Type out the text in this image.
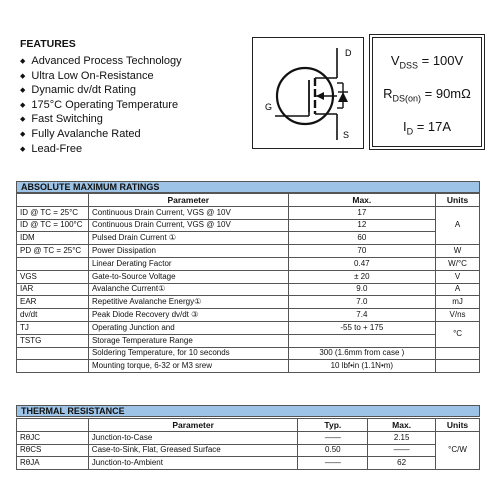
FEATURES
◆ Advanced Process Technology
◆ Ultra Low On-Resistance
◆ Dynamic dv/dt Rating
◆ 175°C Operating Temperature
◆ Fast Switching
◆ Fully Avalanche Rated
◆ Lead-Free
D
G
S
$V_{DSS} = 100V$
$R_{DS(on)} = 90m\Omega$
$I_D = 17A$
ABSOLUTE MAXIMUM RATINGS
	Parameter	Max.	Units
ID @ TC = 25°C	Continuous Drain Current, VGS @ 10V	17	A
ID @ TC = 100°C	Continuous Drain Current, VGS @ 10V	12	
IDM	Pulsed Drain Current ①	60	
PD @ TC = 25°C	Power Dissipation	70	W
	Linear Derating Factor	0.47	W/°C
VGS	Gate-to-Source Voltage	± 20	V
IAR	Avalanche Current①	9.0	A
EAR	Repetitive Avalanche Energy①	7.0	mJ
dv/dt	Peak Diode Recovery dv/dt ③	7.4	V/ns
TJ	Operating Junction and	-55 to + 175	°C
TSTG	Storage Temperature Range		
	Soldering Temperature, for 10 seconds	300 (1.6mm from case )	
	Mounting torque, 6-32 or M3 srew	10 lbf•in (1.1N•m)	
THERMAL RESISTANCE
	Parameter	Typ.	Max.	Units
RθJC	Junction-to-Case	——	2.15	°C/W
RθCS	Case-to-Sink, Flat, Greased Surface	0.50	——	
RθJA	Junction-to-Ambient	——	62	
